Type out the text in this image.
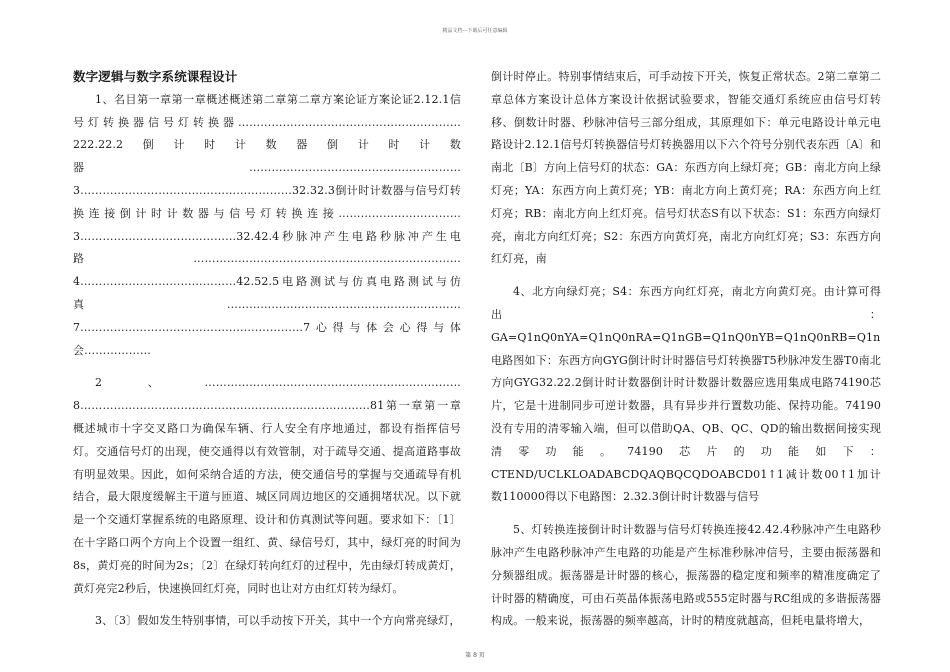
精品文档---下载后可任意编辑

数字逻辑与数字系统课程设计

1、名目第一章第一章概述概述第二章第二章方案论证方案论证2.12.1信号灯转换器信号灯转换器……………………………………………………222.22.2倒计时计数器倒计时计数器…………………………………………………3…………………………………………………32.32.3倒计时计数器与信号灯转换连接倒计时计数器与信号灯转换连接……………………………3……………………………………32.42.4秒脉冲产生电路秒脉冲产生电路………………………………………………………………4……………………………………42.52.5电路测试与仿真电路测试与仿真………………………………………………………7……………………………………………………7心得与体会心得与体会………………

2、……………………………………………………………8……………………………………………………………………81第一章第一章概述城市十字交叉路口为确保车辆、行人安全有序地通过，都设有指挥信号灯。交通信号灯的出现，使交通得以有效管制，对于疏导交通、提高道路事故有明显效果。因此，如何采纳合适的方法，使交通信号的掌握与交通疏导有机结合，最大限度缓解主干道与匝道、城区同周边地区的交通拥堵状况。以下就是一个交通灯掌握系统的电路原理、设计和仿真测试等问题。要求如下：〔1〕在十字路口两个方向上个设置一组红、黄、绿信号灯，其中，绿灯亮的时间为8s，黄灯亮的时间为2s；〔2〕在绿灯转向红灯的过程中，先由绿灯转成黄灯，黄灯亮完2秒后，快速换回红灯亮，同时也让对方由红灯转为绿灯。

3、〔3〕假如发生特别事情，可以手动按下开关，其中一个方向常亮绿灯，

倒计时停止。特别事情结束后，可手动按下开关，恢复正常状态。2第二章第二章总体方案设计总体方案设计依据试验要求，智能交通灯系统应由信号灯转移、倒数计时器、秒脉冲信号三部分组成，其原理如下：单元电路设计单元电路设计2.12.1信号灯转换器信号灯转换器用以下六个符号分别代表东西〔A〕和南北〔B〕方向上信号灯的状态：GA：东西方向上绿灯亮；GB：南北方向上绿灯亮；YA：东西方向上黄灯亮；YB：南北方向上黄灯亮；RA：东西方向上红灯亮；RB：南北方向上红灯亮。信号灯状态S有以下状态：S1：东西方向绿灯亮，南北方向红灯亮；S2：东西方向黄灯亮，南北方向红灯亮；S3：东西方向红灯亮，南

4、北方向绿灯亮；S4：东西方向红灯亮，南北方向黄灯亮。由计算可得出：GA=Q1nQ0nYA=Q1nQ0nRA=Q1nGB=Q1nQ0nYB=Q1nQ0nRB=Q1n电路图如下：东西方向GYG倒计时计时器信号灯转换器T5秒脉冲发生器T0南北方向GYG32.22.2倒计时计数器倒计时计数器计数器应选用集成电路74190芯片，它是十进制同步可逆计数器，具有异步并行置数功能、保持功能。74190没有专用的清零输入端，但可以借助QA、QB、QC、QD的输出数据间接实现清零功能。74190芯片的功能如下：CTEND/UCLKLOADABCDQAQBQCQDOABCD01↑1减计数00↑1加计数110000得以下电路图：2.32.3倒计时计数器与信号

5、灯转换连接倒计时计数器与信号灯转换连接42.42.4秒脉冲产生电路秒脉冲产生电路秒脉冲产生电路的功能是产生标准秒脉冲信号，主要由振荡器和分频器组成。振荡器是计时器的核心，振荡器的稳定度和频率的精准度确定了计时器的精确度，可由石英晶体振荡电路或555定时器与RC组成的多谐振荡器构成。一般来说，振荡器的频率越高，计时的精度就越高，但耗电量将增大，

第 8 页
